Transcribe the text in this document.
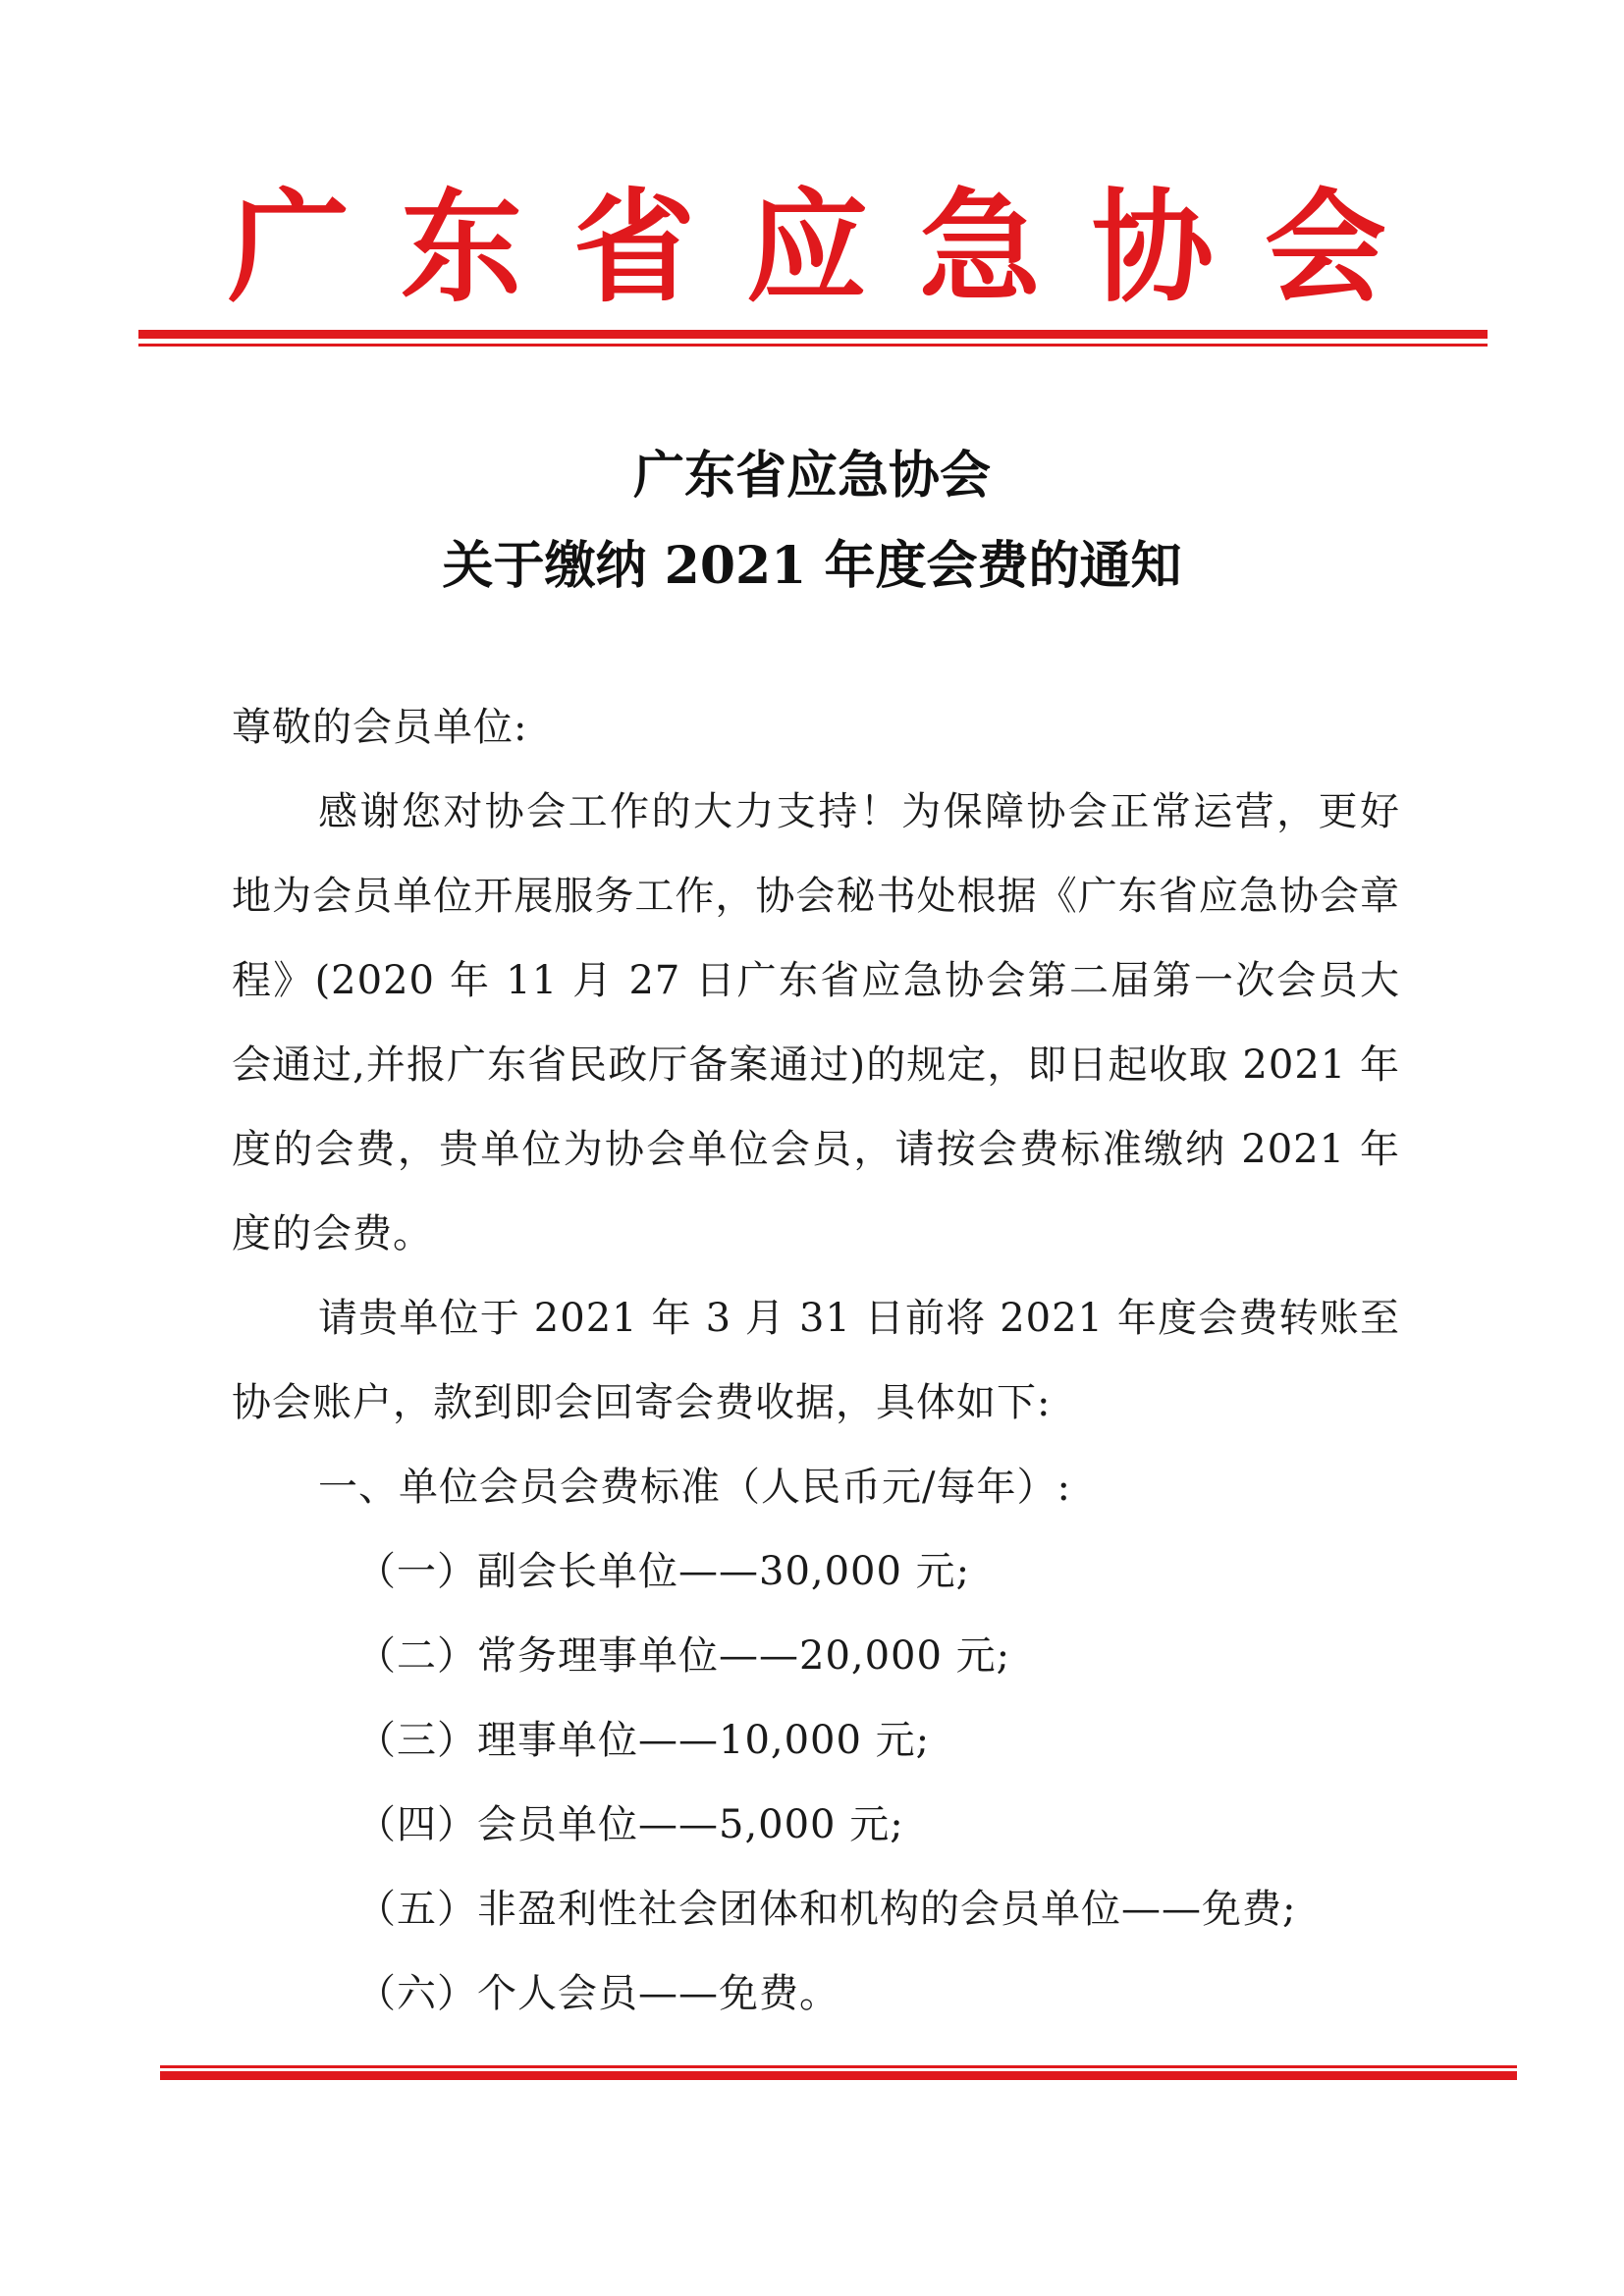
广 东 省 应 急 协 会
广东省应急协会
关于缴纳 2021 年度会费的通知

尊敬的会员单位:

感谢您对协会工作的大力支持！为保障协会正常运营，更好地为会员单位开展服务工作，协会秘书处根据《广东省应急协会章程》(2020 年 11 月 27 日广东省应急协会第二届第一次会员大会通过,并报广东省民政厅备案通过)的规定，即日起收取 2021 年度的会费，贵单位为协会单位会员，请按会费标准缴纳 2021 年度的会费。

请贵单位于 2021 年 3 月 31 日前将 2021 年度会费转账至协会账户，款到即会回寄会费收据，具体如下:

一、单位会员会费标准（人民币元/每年）:

（一）副会长单位——30,000 元;

（二）常务理事单位——20,000 元;

（三）理事单位——10,000 元;

（四）会员单位——5,000 元;

（五）非盈利性社会团体和机构的会员单位——免费;

（六）个人会员——免费。
